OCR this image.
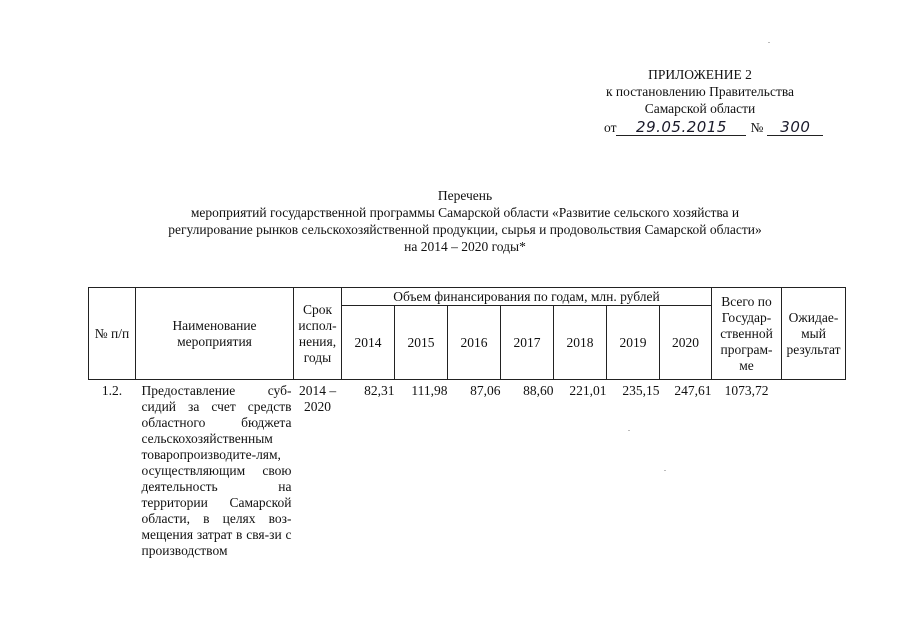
ПРИЛОЖЕНИЕ 2
к постановлению Правительства
Самарской области
от 29.05.2015 № 300
Перечень
мероприятий государственной программы Самарской области «Развитие сельского хозяйства и
регулирование рынков сельскохозяйственной продукции, сырья и продовольствия Самарской области»
на 2014 – 2020 годы*
№ п/п	Наименование мероприятия	Срок испол-нения, годы	Объем финансирования по годам, млн. рублей							Всего по Государ-ственной програм-ме	Ожидае-мый результат
			2014	2015	2016	2017	2018	2019	2020		
1.2.	Предоставление суб-сидий за счет средств областного бюджета сельскохозяйственным товаропроизводите-лям, осуществляющим свою деятельность на территории Самарской области, в целях воз-мещения затрат в свя-зи с производством	2014 – 2020	82,31	111,98	87,06	88,60	221,01	235,15	247,61	1073,72	
